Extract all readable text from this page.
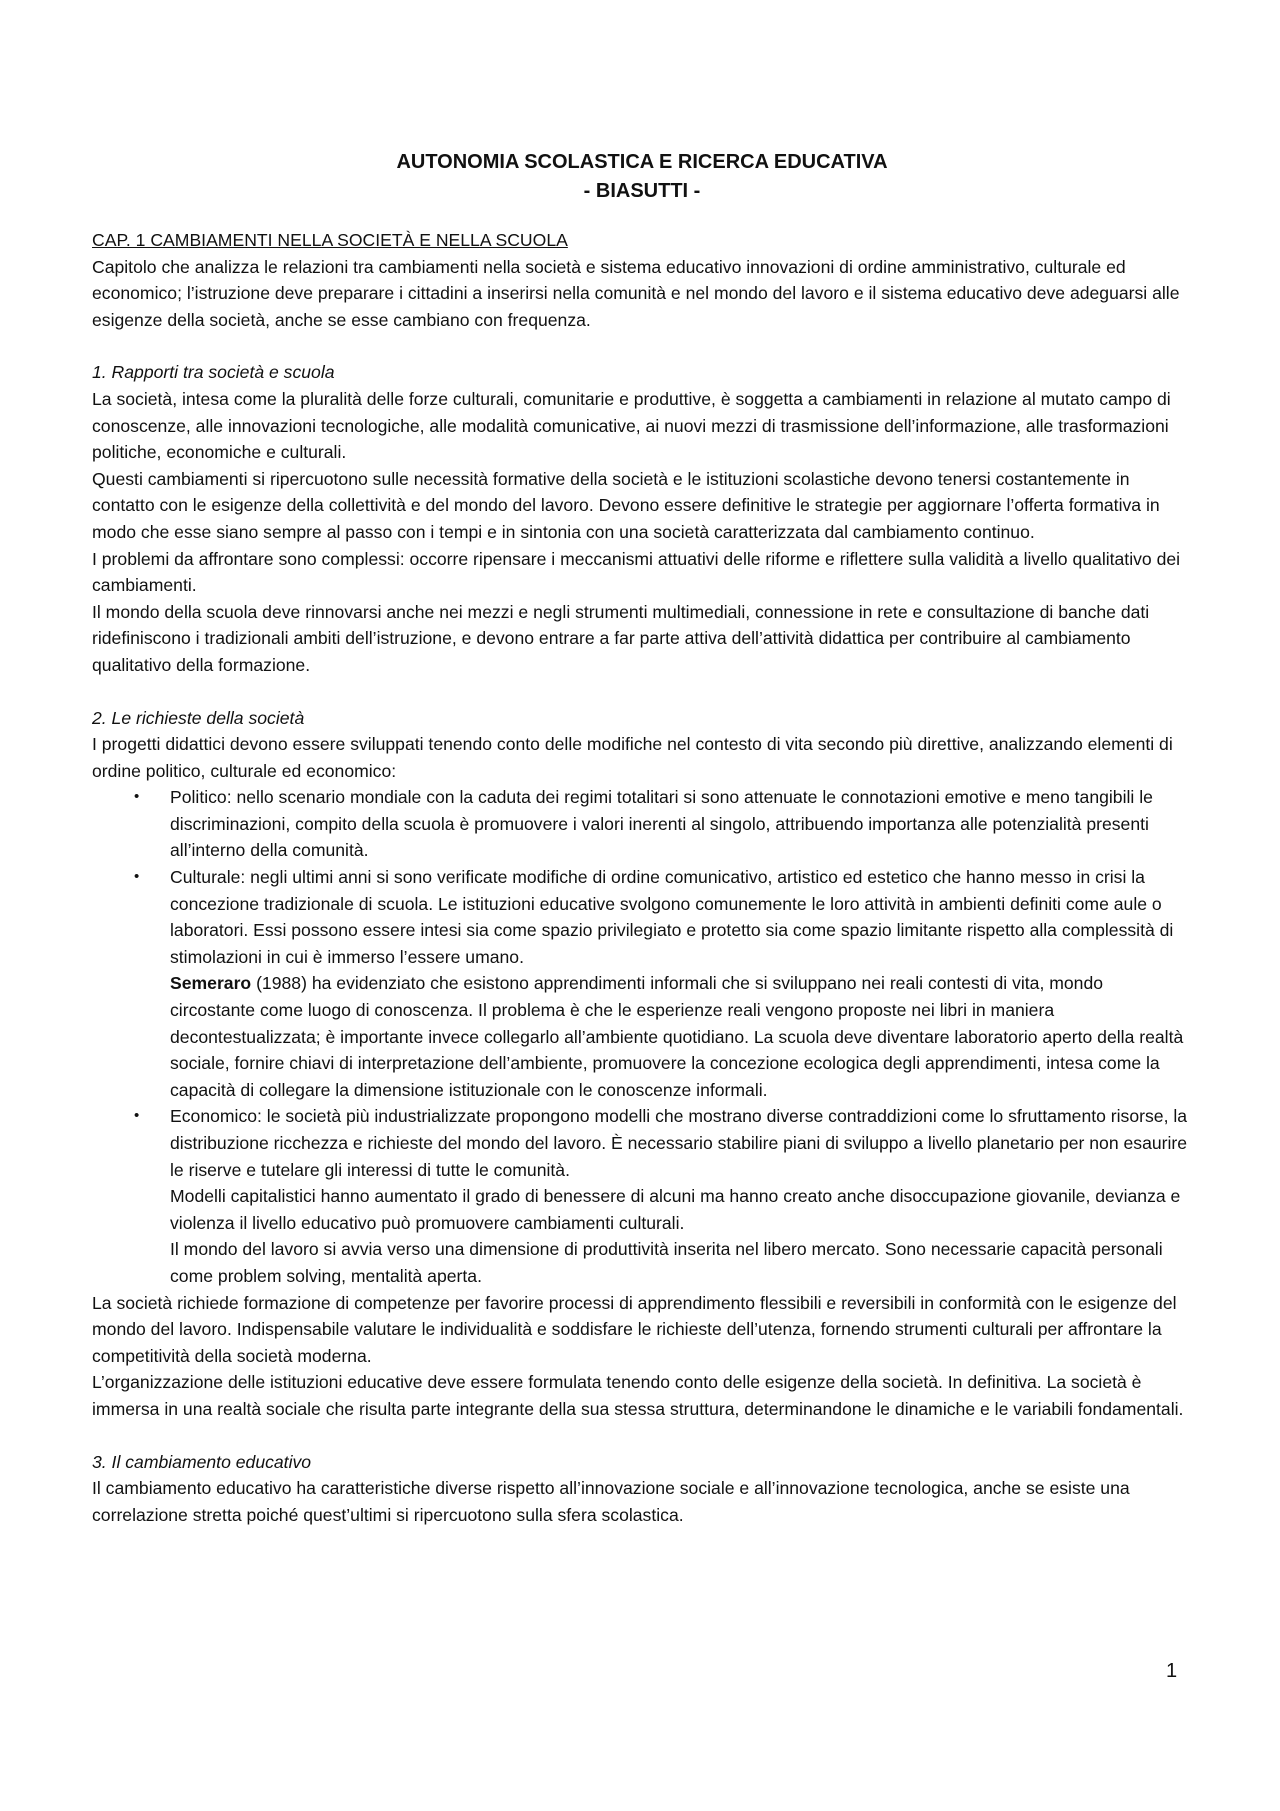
AUTONOMIA SCOLASTICA E RICERCA EDUCATIVA
- BIASUTTI -

CAP. 1 CAMBIAMENTI NELLA SOCIETÀ E NELLA SCUOLA

Capitolo che analizza le relazioni tra cambiamenti nella società e sistema educativo innovazioni di ordine amministrativo, culturale ed economico; l’istruzione deve preparare i cittadini a inserirsi nella comunità e nel mondo del lavoro e il sistema educativo deve adeguarsi alle esigenze della società, anche se esse cambiano con frequenza.

1. Rapporti tra società e scuola

La società, intesa come la pluralità delle forze culturali, comunitarie e produttive, è soggetta a cambiamenti in relazione al mutato campo di conoscenze, alle innovazioni tecnologiche, alle modalità comunicative, ai nuovi mezzi di trasmissione dell’informazione, alle trasformazioni politiche, economiche e culturali.

Questi cambiamenti si ripercuotono sulle necessità formative della società e le istituzioni scolastiche devono tenersi costantemente in contatto con le esigenze della collettività e del mondo del lavoro. Devono essere definitive le strategie per aggiornare l’offerta formativa in modo che esse siano sempre al passo con i tempi e in sintonia con una società caratterizzata dal cambiamento continuo.

I problemi da affrontare sono complessi: occorre ripensare i meccanismi attuativi delle riforme e riflettere sulla validità a livello qualitativo dei cambiamenti.

Il mondo della scuola deve rinnovarsi anche nei mezzi e negli strumenti multimediali, connessione in rete e consultazione di banche dati ridefiniscono i tradizionali ambiti dell’istruzione, e devono entrare a far parte attiva dell’attività didattica per contribuire al cambiamento qualitativo della formazione.

2. Le richieste della società

I progetti didattici devono essere sviluppati tenendo conto delle modifiche nel contesto di vita secondo più direttive, analizzando elementi di ordine politico, culturale ed economico:

• Politico: nello scenario mondiale con la caduta dei regimi totalitari si sono attenuate le connotazioni emotive e meno tangibili le discriminazioni, compito della scuola è promuovere i valori inerenti al singolo, attribuendo importanza alle potenzialità presenti all’interno della comunità.
• Culturale: negli ultimi anni si sono verificate modifiche di ordine comunicativo, artistico ed estetico che hanno messo in crisi la concezione tradizionale di scuola. Le istituzioni educative svolgono comunemente le loro attività in ambienti definiti come aule o laboratori. Essi possono essere intesi sia come spazio privilegiato e protetto sia come spazio limitante rispetto alla complessità di stimolazioni in cui è immerso l’essere umano.
Semeraro (1988) ha evidenziato che esistono apprendimenti informali che si sviluppano nei reali contesti di vita, mondo circostante come luogo di conoscenza. Il problema è che le esperienze reali vengono proposte nei libri in maniera decontestualizzata; è importante invece collegarlo all’ambiente quotidiano. La scuola deve diventare laboratorio aperto della realtà sociale, fornire chiavi di interpretazione dell’ambiente, promuovere la concezione ecologica degli apprendimenti, intesa come la capacità di collegare la dimensione istituzionale con le conoscenze informali.
• Economico: le società più industrializzate propongono modelli che mostrano diverse contraddizioni come lo sfruttamento risorse, la distribuzione ricchezza e richieste del mondo del lavoro. È necessario stabilire piani di sviluppo a livello planetario per non esaurire le riserve e tutelare gli interessi di tutte le comunità.
Modelli capitalistici hanno aumentato il grado di benessere di alcuni ma hanno creato anche disoccupazione giovanile, devianza e violenza il livello educativo può promuovere cambiamenti culturali.
Il mondo del lavoro si avvia verso una dimensione di produttività inserita nel libero mercato. Sono necessarie capacità personali come problem solving, mentalità aperta.

La società richiede formazione di competenze per favorire processi di apprendimento flessibili e reversibili in conformità con le esigenze del mondo del lavoro. Indispensabile valutare le individualità e soddisfare le richieste dell’utenza, fornendo strumenti culturali per affrontare la competitività della società moderna.

L’organizzazione delle istituzioni educative deve essere formulata tenendo conto delle esigenze della società. In definitiva. La società è immersa in una realtà sociale che risulta parte integrante della sua stessa struttura, determinandone le dinamiche e le variabili fondamentali.

3. Il cambiamento educativo

Il cambiamento educativo ha caratteristiche diverse rispetto all’innovazione sociale e all’innovazione tecnologica, anche se esiste una correlazione stretta poiché quest’ultimi si ripercuotono sulla sfera scolastica.

1
